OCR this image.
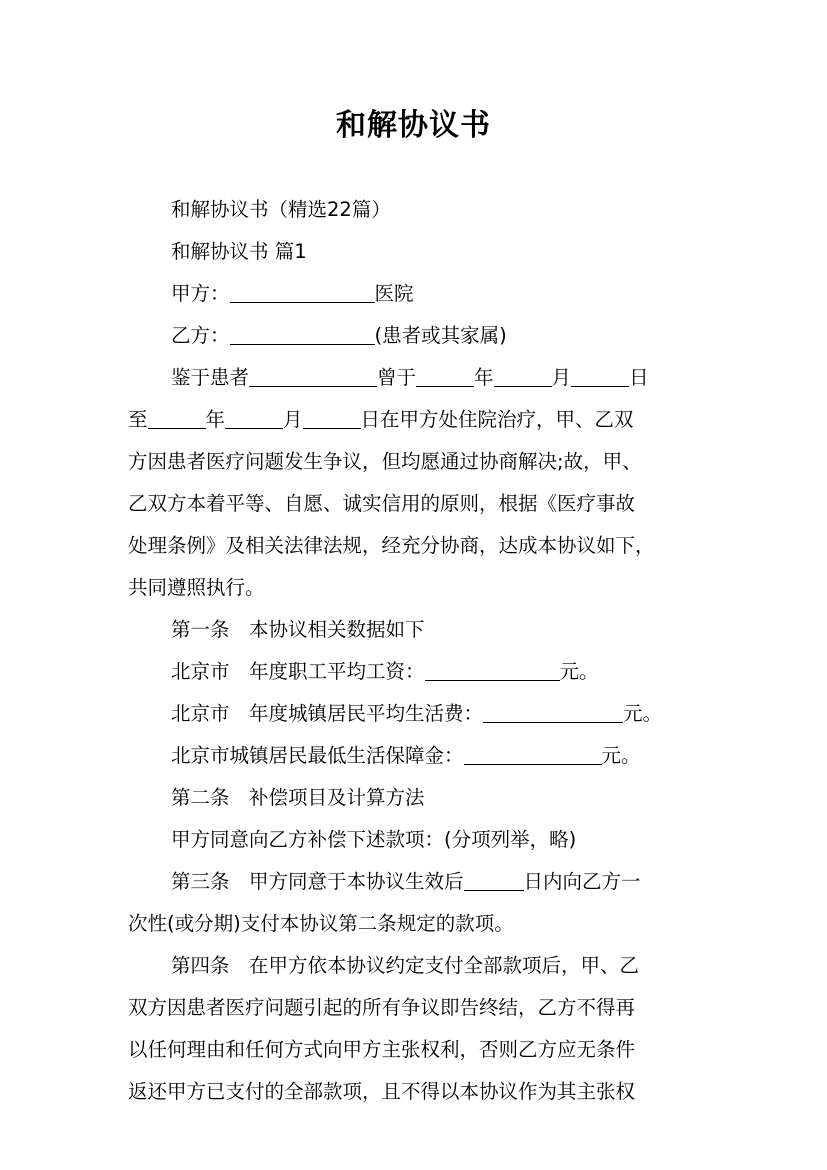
和解协议书
和解协议书（精选22篇）
和解协议书 篇1
甲方：	医院
乙方：	(患者或其家属)
鉴于患者	曾于	年	月	日
至	年	月	日在甲方处住院治疗，甲、乙双
方因患者医疗问题发生争议，但均愿通过协商解决;故，甲、
乙双方本着平等、自愿、诚实信用的原则，根据《医疗事故
处理条例》及相关法律法规，经充分协商，达成本协议如下，
共同遵照执行。
第一条　本协议相关数据如下
北京市　年度职工平均工资：	元。
北京市　年度城镇居民平均生活费：	元。
北京市城镇居民最低生活保障金：	元。
第二条　补偿项目及计算方法
甲方同意向乙方补偿下述款项：(分项列举，略)
第三条　甲方同意于本协议生效后	日内向乙方一
次性(或分期)支付本协议第二条规定的款项。
第四条　在甲方依本协议约定支付全部款项后，甲、乙
双方因患者医疗问题引起的所有争议即告终结，乙方不得再
以任何理由和任何方式向甲方主张权利，否则乙方应无条件
返还甲方已支付的全部款项，且不得以本协议作为其主张权
